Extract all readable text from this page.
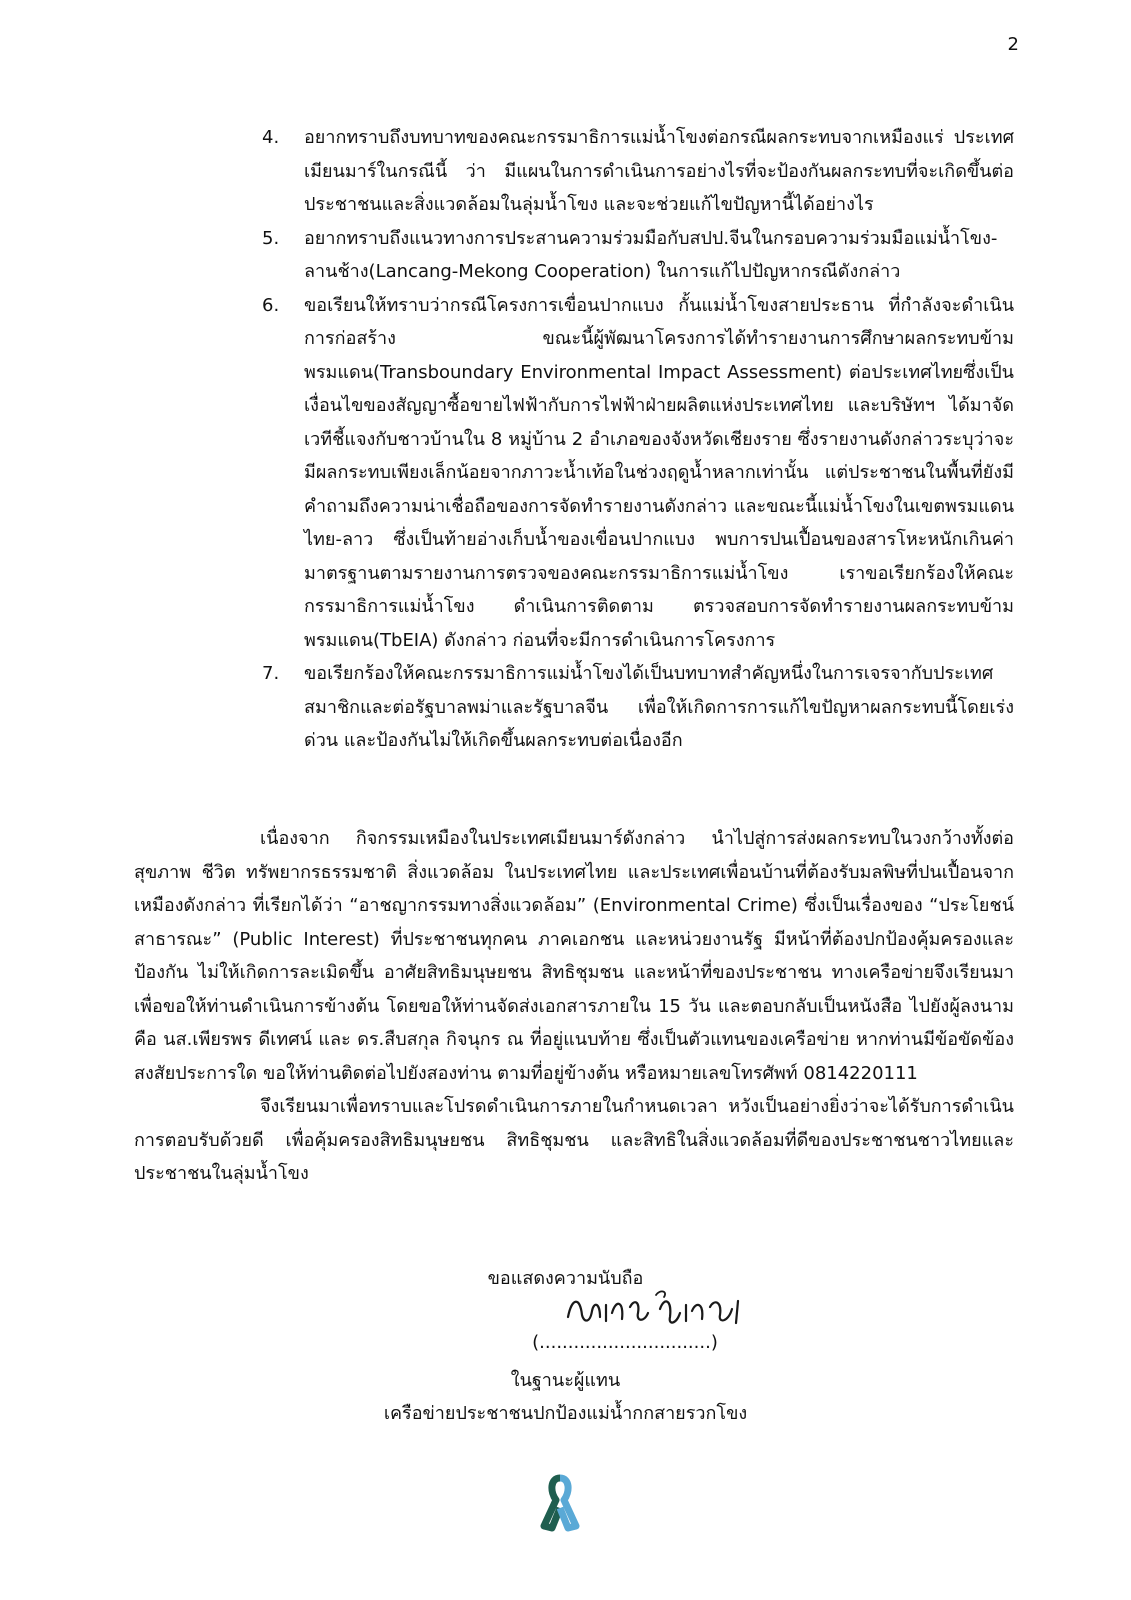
2
4. อยากทราบถึงบทบาทของคณะกรรมาธิการแม่น้ำโขงต่อกรณีผลกระทบจากเหมืองแร่ ประเทศเมียนมาร์ในกรณีนี้ ว่า มีแผนในการดำเนินการอย่างไรที่จะป้องกันผลกระทบที่จะเกิดขึ้นต่อประชาชนและสิ่งแวดล้อมในลุ่มน้ำโขง และจะช่วยแก้ไขปัญหานี้ได้อย่างไร
5. อยากทราบถึงแนวทางการประสานความร่วมมือกับสปป.จีนในกรอบความร่วมมือแม่น้ำโขง-ลานช้าง(Lancang-Mekong Cooperation) ในการแก้ไปปัญหากรณีดังกล่าว
6. ขอเรียนให้ทราบว่ากรณีโครงการเขื่อนปากแบง กั้นแม่น้ำโขงสายประธาน ที่กำลังจะดำเนินการก่อสร้าง ขณะนี้ผู้พัฒนาโครงการได้ทำรายงานการศึกษาผลกระทบข้ามพรมแดน(Transboundary Environmental Impact Assessment) ต่อประเทศไทยซึ่งเป็นเงื่อนไขของสัญญาซื้อขายไฟฟ้ากับการไฟฟ้าฝ่ายผลิตแห่งประเทศไทย และบริษัทฯ ได้มาจัดเวทีชี้แจงกับชาวบ้านใน 8 หมู่บ้าน 2 อำเภอของจังหวัดเชียงราย ซึ่งรายงานดังกล่าวระบุว่าจะมีผลกระทบเพียงเล็กน้อยจากภาวะน้ำเท้อในช่วงฤดูน้ำหลากเท่านั้น แต่ประชาชนในพื้นที่ยังมีคำถามถึงความน่าเชื่อถือของการจัดทำรายงานดังกล่าว และขณะนี้แม่น้ำโขงในเขตพรมแดนไทย-ลาว ซึ่งเป็นท้ายอ่างเก็บน้ำของเขื่อนปากแบง พบการปนเปื้อนของสารโหะหนักเกินค่ามาตรฐานตามรายงานการตรวจของคณะกรรมาธิการแม่น้ำโขง เราขอเรียกร้องให้คณะกรรมาธิการแม่น้ำโขง ดำเนินการติดตาม ตรวจสอบการจัดทำรายงานผลกระทบข้ามพรมแดน(TbEIA) ดังกล่าว ก่อนที่จะมีการดำเนินการโครงการ
7. ขอเรียกร้องให้คณะกรรมาธิการแม่น้ำโขงได้เป็นบทบาทสำคัญหนึ่งในการเจรจากับประเทศสมาชิกและต่อรัฐบาลพม่าและรัฐบาลจีน เพื่อให้เกิดการการแก้ไขปัญหาผลกระทบนี้โดยเร่งด่วน และป้องกันไม่ให้เกิดขึ้นผลกระทบต่อเนื่องอีก

เนื่องจาก กิจกรรมเหมืองในประเทศเมียนมาร์ดังกล่าว นำไปสู่การส่งผลกระทบในวงกว้างทั้งต่อสุขภาพ ชีวิต ทรัพยากรธรรมชาติ สิ่งแวดล้อม ในประเทศไทย และประเทศเพื่อนบ้านที่ต้องรับมลพิษที่ปนเปื้อนจากเหมืองดังกล่าว ที่เรียกได้ว่า “อาชญากรรมทางสิ่งแวดล้อม” (Environmental Crime) ซึ่งเป็นเรื่องของ “ประโยชน์สาธารณะ” (Public Interest) ที่ประชาชนทุกคน ภาคเอกชน และหน่วยงานรัฐ มีหน้าที่ต้องปกป้องคุ้มครองและป้องกัน ไม่ให้เกิดการละเมิดขึ้น อาศัยสิทธิมนุษยชน สิทธิชุมชน และหน้าที่ของประชาชน ทางเครือข่ายจึงเรียนมาเพื่อขอให้ท่านดำเนินการข้างต้น โดยขอให้ท่านจัดส่งเอกสารภายใน 15 วัน และตอบกลับเป็นหนังสือ ไปยังผู้ลงนาม คือ นส.เพียรพร ดีเทศน์ และ ดร.สืบสกุล กิจนุกร ณ ที่อยู่แนบท้าย ซึ่งเป็นตัวแทนของเครือข่าย หากท่านมีข้อขัดข้องสงสัยประการใด ขอให้ท่านติดต่อไปยังสองท่าน ตามที่อยู่ข้างต้น หรือหมายเลขโทรศัพท์ 0814220111

จึงเรียนมาเพื่อทราบและโปรดดำเนินการภายในกำหนดเวลา หวังเป็นอย่างยิ่งว่าจะได้รับการดำเนินการตอบรับด้วยดี เพื่อคุ้มครองสิทธิมนุษยชน สิทธิชุมชน และสิทธิในสิ่งแวดล้อมที่ดีของประชาชนชาวไทยและประชาชนในลุ่มน้ำโขง

ขอแสดงความนับถือ
(..............................)
ในฐานะผู้แทน
เครือข่ายประชาชนปกป้องแม่น้ำกกสายรวกโขง
